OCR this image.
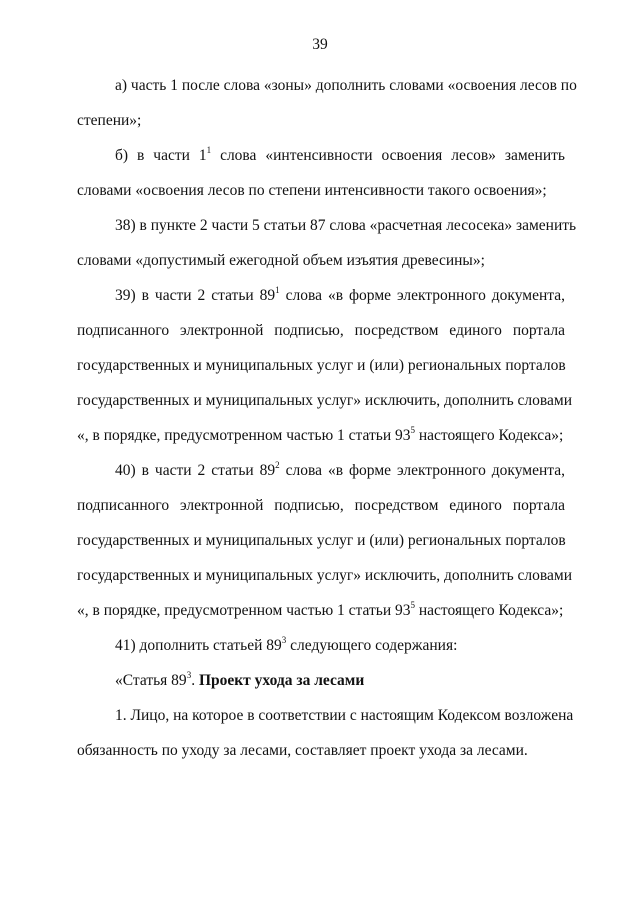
39
а) часть 1 после слова «зоны» дополнить словами «освоения лесов по
степени»;
б) в части $1^1$ слова «интенсивности освоения лесов» заменить
словами «освоения лесов по степени интенсивности такого освоения»;
38) в пункте 2 части 5 статьи 87 слова «расчетная лесосека» заменить
словами «допустимый ежегодной объем изъятия древесины»;
39) в части 2 статьи $89^1$ слова «в форме электронного документа,
подписанного электронной подписью, посредством единого портала
государственных и муниципальных услуг и (или) региональных порталов
государственных и муниципальных услуг» исключить, дополнить словами
«, в порядке, предусмотренном частью 1 статьи $93^5$ настоящего Кодекса»;
40) в части 2 статьи $89^2$ слова «в форме электронного документа,
подписанного электронной подписью, посредством единого портала
государственных и муниципальных услуг и (или) региональных порталов
государственных и муниципальных услуг» исключить, дополнить словами
«, в порядке, предусмотренном частью 1 статьи $93^5$ настоящего Кодекса»;
41) дополнить статьей $89^3$ следующего содержания:
«Статья $89^3$. Проект ухода за лесами
1. Лицо, на которое в соответствии с настоящим Кодексом возложена
обязанность по уходу за лесами, составляет проект ухода за лесами.
